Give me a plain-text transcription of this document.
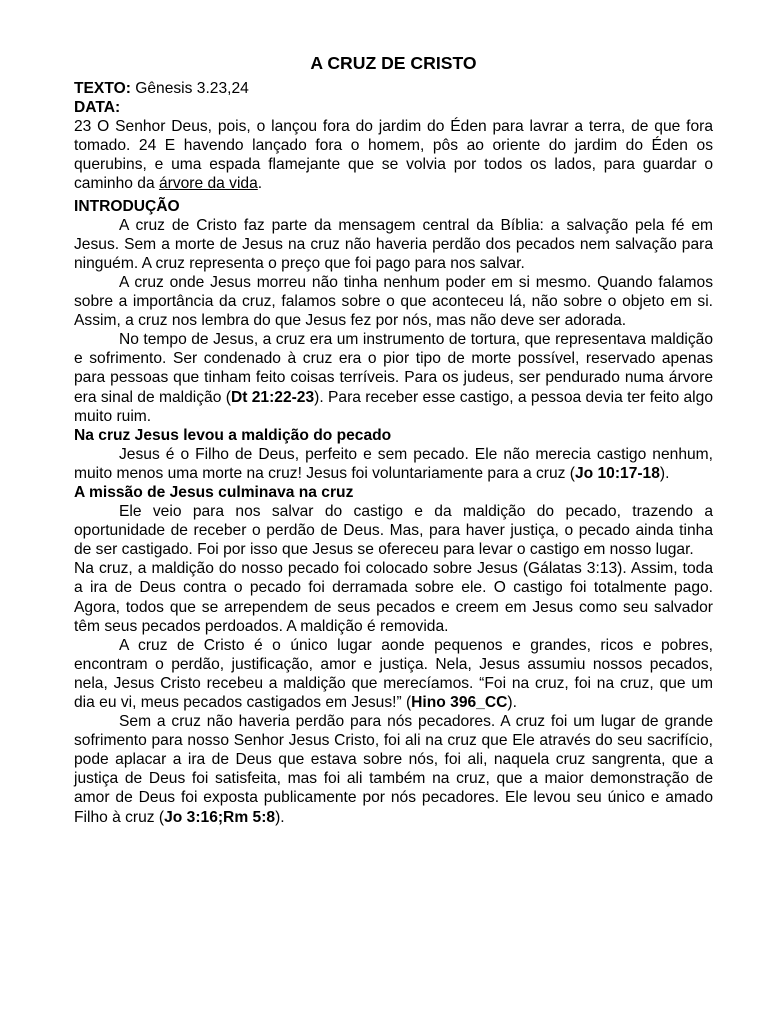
A CRUZ DE CRISTO

TEXTO: Gênesis 3.23,24

DATA:

23 O Senhor Deus, pois, o lançou fora do jardim do Éden para lavrar a terra, de que fora tomado. 24 E havendo lançado fora o homem, pôs ao oriente do jardim do Éden os querubins, e uma espada flamejante que se volvia por todos os lados, para guardar o caminho da árvore da vida.

INTRODUÇÃO

A cruz de Cristo faz parte da mensagem central da Bíblia: a salvação pela fé em Jesus. Sem a morte de Jesus na cruz não haveria perdão dos pecados nem salvação para ninguém. A cruz representa o preço que foi pago para nos salvar.

A cruz onde Jesus morreu não tinha nenhum poder em si mesmo. Quando falamos sobre a importância da cruz, falamos sobre o que aconteceu lá, não sobre o objeto em si. Assim, a cruz nos lembra do que Jesus fez por nós, mas não deve ser adorada.

No tempo de Jesus, a cruz era um instrumento de tortura, que representava maldição e sofrimento. Ser condenado à cruz era o pior tipo de morte possível, reservado apenas para pessoas que tinham feito coisas terríveis. Para os judeus, ser pendurado numa árvore era sinal de maldição (Dt 21:22-23). Para receber esse castigo, a pessoa devia ter feito algo muito ruim.

Na cruz Jesus levou a maldição do pecado

Jesus é o Filho de Deus, perfeito e sem pecado. Ele não merecia castigo nenhum, muito menos uma morte na cruz! Jesus foi voluntariamente para a cruz (Jo 10:17-18).

A missão de Jesus culminava na cruz

Ele veio para nos salvar do castigo e da maldição do pecado, trazendo a oportunidade de receber o perdão de Deus. Mas, para haver justiça, o pecado ainda tinha de ser castigado. Foi por isso que Jesus se ofereceu para levar o castigo em nosso lugar.

Na cruz, a maldição do nosso pecado foi colocado sobre Jesus (Gálatas 3:13). Assim, toda a ira de Deus contra o pecado foi derramada sobre ele. O castigo foi totalmente pago. Agora, todos que se arrependem de seus pecados e creem em Jesus como seu salvador têm seus pecados perdoados. A maldição é removida.

A cruz de Cristo é o único lugar aonde pequenos e grandes, ricos e pobres, encontram o perdão, justificação, amor e justiça. Nela, Jesus assumiu nossos pecados, nela, Jesus Cristo recebeu a maldição que merecíamos. “Foi na cruz, foi na cruz, que um dia eu vi, meus pecados castigados em Jesus!” (Hino 396_CC).

Sem a cruz não haveria perdão para nós pecadores. A cruz foi um lugar de grande sofrimento para nosso Senhor Jesus Cristo, foi ali na cruz que Ele através do seu sacrifício, pode aplacar a ira de Deus que estava sobre nós, foi ali, naquela cruz sangrenta, que a justiça de Deus foi satisfeita, mas foi ali também na cruz, que a maior demonstração de amor de Deus foi exposta publicamente por nós pecadores. Ele levou seu único e amado Filho à cruz (Jo 3:16;Rm 5:8).
